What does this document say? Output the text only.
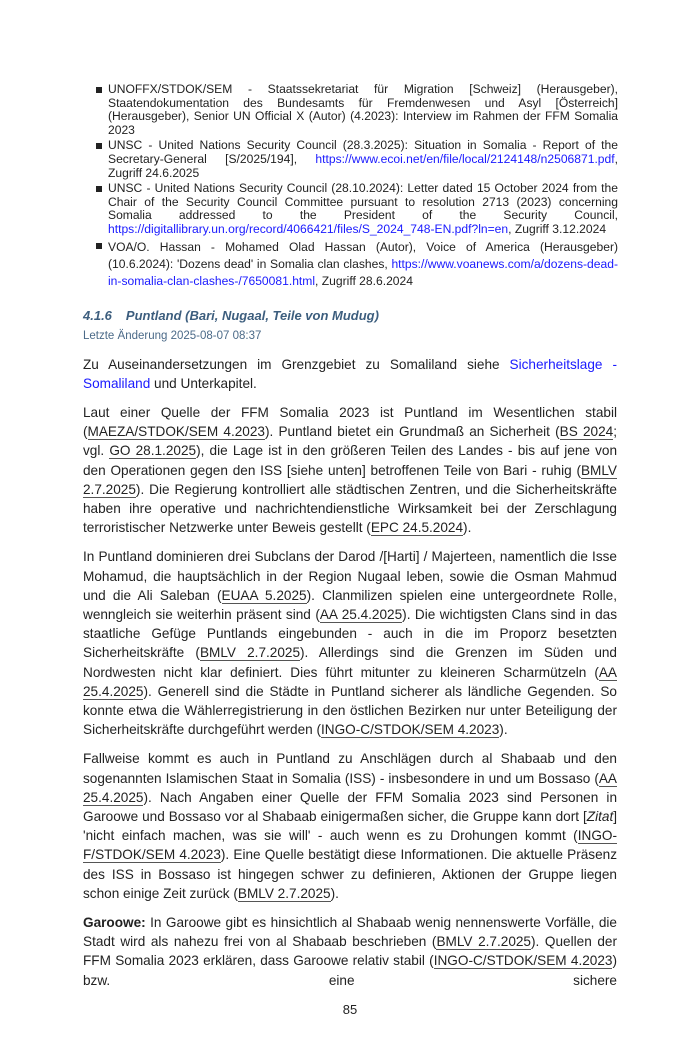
UNOFFX/STDOK/SEM - Staatssekretariat für Migration [Schweiz] (Herausgeber), Staatendokumentation des Bundesamts für Fremdenwesen und Asyl [Österreich] (Herausgeber), Senior UN Official X (Autor) (4.2023): Interview im Rahmen der FFM Somalia 2023
UNSC - United Nations Security Council (28.3.2025): Situation in Somalia - Report of the Secretary-General [S/2025/194], https://www.ecoi.net/en/file/local/2124148/n2506871.pdf, Zugriff 24.6.2025
UNSC - United Nations Security Council (28.10.2024): Letter dated 15 October 2024 from the Chair of the Security Council Committee pursuant to resolution 2713 (2023) concerning Somalia addressed to the President of the Security Council, https://digitallibrary.un.org/record/4066421/files/S_2024_748-EN.pdf?ln=en, Zugriff 3.12.2024
VOA/O. Hassan - Mohamed Olad Hassan (Autor), Voice of America (Herausgeber) (10.6.2024): 'Dozens dead' in Somalia clan clashes, https://www.voanews.com/a/dozens-dead-in-somalia-clan-clashes-/7650081.html, Zugriff 28.6.2024
4.1.6 Puntland (Bari, Nugaal, Teile von Mudug)
Letzte Änderung 2025-08-07 08:37

Zu Auseinandersetzungen im Grenzgebiet zu Somaliland siehe Sicherheitslage - Somaliland und Unterkapitel.

Laut einer Quelle der FFM Somalia 2023 ist Puntland im Wesentlichen stabil (MAEZA/STDOK/SEM 4.2023). Puntland bietet ein Grundmaß an Sicherheit (BS 2024; vgl. GO 28.1.2025), die Lage ist in den größeren Teilen des Landes - bis auf jene von den Operationen gegen den ISS [siehe unten] betroffenen Teile von Bari - ruhig (BMLV 2.7.2025). Die Regierung kontrolliert alle städtischen Zentren, und die Sicherheitskräfte haben ihre operative und nachrichtendienstliche Wirksamkeit bei der Zerschlagung terroristischer Netzwerke unter Beweis gestellt (EPC 24.5.2024).

In Puntland dominieren drei Subclans der Darod /[Harti] / Majerteen, namentlich die Isse Mohamud, die hauptsächlich in der Region Nugaal leben, sowie die Osman Mahmud und die Ali Saleban (EUAA 5.2025). Clanmilizen spielen eine untergeordnete Rolle, wenngleich sie weiterhin präsent sind (AA 25.4.2025). Die wichtigsten Clans sind in das staatliche Gefüge Puntlands eingebunden - auch in die im Proporz besetzten Sicherheitskräfte (BMLV 2.7.2025). Allerdings sind die Grenzen im Süden und Nordwesten nicht klar definiert. Dies führt mitunter zu kleineren Scharmützeln (AA 25.4.2025). Generell sind die Städte in Puntland sicherer als ländliche Gegenden. So konnte etwa die Wählerregistrierung in den östlichen Bezirken nur unter Beteiligung der Sicherheitskräfte durchgeführt werden (INGO-C/STDOK/SEM 4.2023).

Fallweise kommt es auch in Puntland zu Anschlägen durch al Shabaab und den sogenannten Islamischen Staat in Somalia (ISS) - insbesondere in und um Bossaso (AA 25.4.2025). Nach Angaben einer Quelle der FFM Somalia 2023 sind Personen in Garoowe und Bossaso vor al Shabaab einigermaßen sicher, die Gruppe kann dort [Zitat] 'nicht einfach machen, was sie will' - auch wenn es zu Drohungen kommt (INGO-F/STDOK/SEM 4.2023). Eine Quelle bestätigt diese Informationen. Die aktuelle Präsenz des ISS in Bossaso ist hingegen schwer zu definieren, Aktionen der Gruppe liegen schon einige Zeit zurück (BMLV 2.7.2025).

Garoowe: In Garoowe gibt es hinsichtlich al Shabaab wenig nennenswerte Vorfälle, die Stadt wird als nahezu frei von al Shabaab beschrieben (BMLV 2.7.2025). Quellen der FFM Somalia 2023 erklären, dass Garoowe relativ stabil (INGO-C/STDOK/SEM 4.2023) bzw. eine sichere

85
